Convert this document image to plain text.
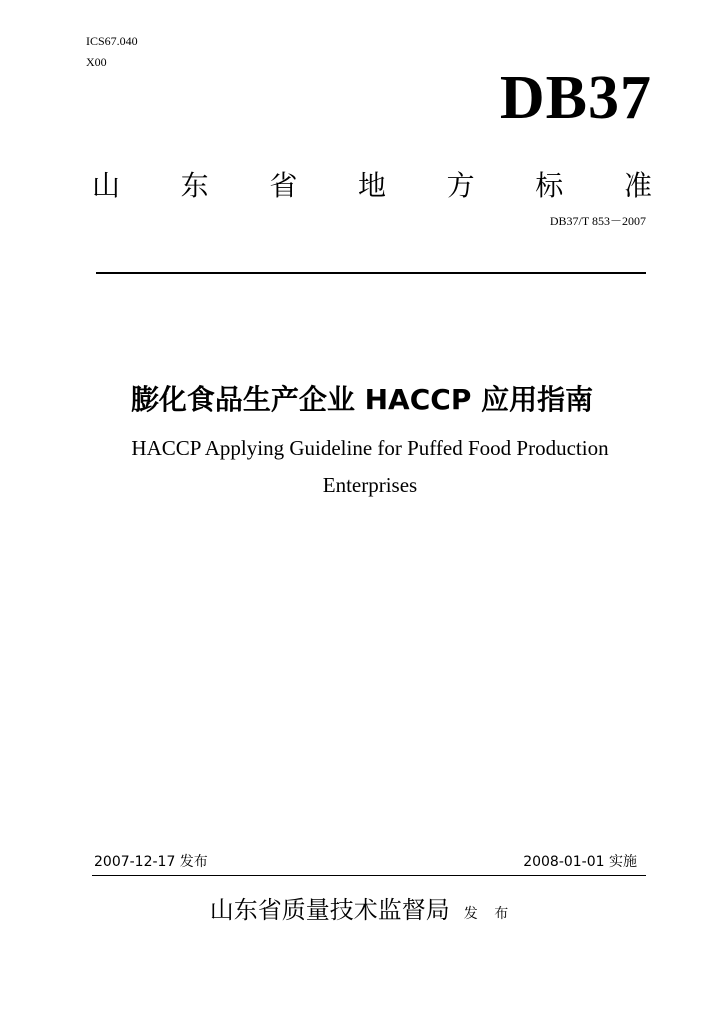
ICS67.040
X00
DB37
山 东 省 地 方 标 准
DB37/T 853－2007
膨化食品生产企业 HACCP 应用指南
HACCP Applying Guideline for Puffed Food Production Enterprises
2007-12-17 发布	2008-01-01 实施
山东省质量技术监督局 发 布
